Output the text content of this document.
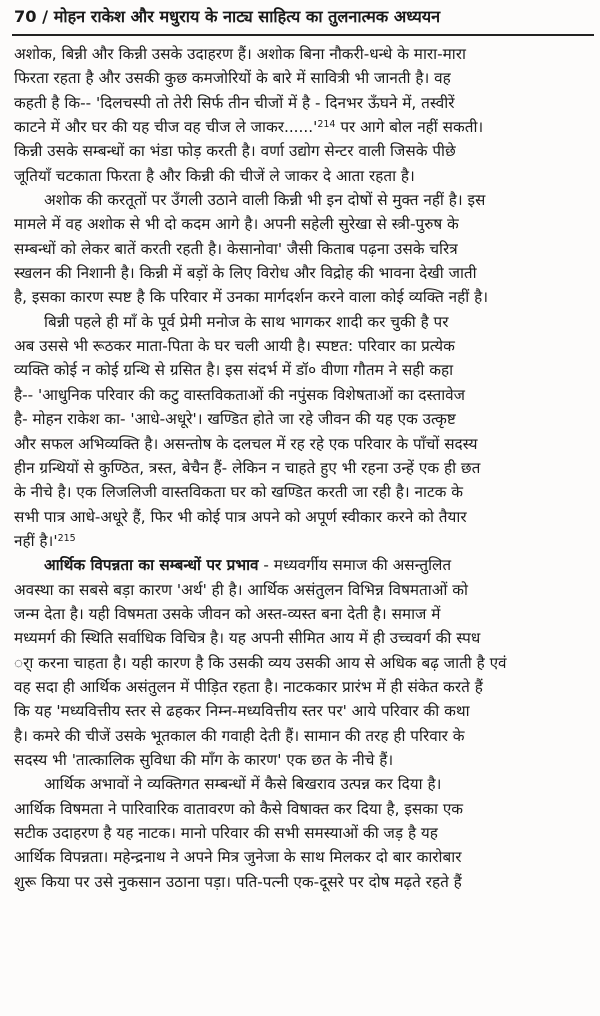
70 / मोहन राकेश और मधुराय के नाट्य साहित्य का तुलनात्मक अध्ययन
अशोक, बिन्नी और किन्नी उसके उदाहरण हैं। अशोक बिना नौकरी-धन्धे के मारा-मारा
फिरता रहता है और उसकी कुछ कमजोरियों के बारे में सावित्री भी जानती है। वह
कहती है कि-- 'दिलचस्पी तो तेरी सिर्फ तीन चीजों में है - दिनभर ऊँघने में, तस्वीरें
काटने में और घर की यह चीज वह चीज ले $जाकर......'^{214}$ पर आगे बोल नहीं सकती।
किन्नी उसके सम्बन्धों का भंडा फोड़ करती है। वर्णा उद्योग सेन्टर वाली जिसके पीछे
जूतियाँ चटकाता फिरता है और किन्नी की चीजें ले जाकर दे आता रहता है।
अशोक की करतूतों पर उँगली उठाने वाली किन्नी भी इन दोषों से मुक्त नहीं है। इस
मामले में वह अशोक से भी दो कदम आगे है। अपनी सहेली सुरेखा से स्त्री-पुरुष के
सम्बन्धों को लेकर बातें करती रहती है। केसानोवा' जैसी किताब पढ़ना उसके चरित्र
स्खलन की निशानी है। किन्नी में बड़ों के लिए विरोध और विद्रोह की भावना देखी जाती
है, इसका कारण स्पष्ट है कि परिवार में उनका मार्गदर्शन करने वाला कोई व्यक्ति नहीं है।
बिन्नी पहले ही माँ के पूर्व प्रेमी मनोज के साथ भागकर शादी कर चुकी है पर
अब उससे भी रूठकर माता-पिता के घर चली आयी है। स्पष्टत: परिवार का प्रत्येक
व्यक्ति कोई न कोई ग्रन्थि से ग्रसित है। इस संदर्भ में डॉ० वीणा गौतम ने सही कहा
है-- 'आधुनिक परिवार की कटु वास्तविकताओं की नपुंसक विशेषताओं का दस्तावेज
है- मोहन राकेश का- 'आधे-अधूरे'। खण्डित होते जा रहे जीवन की यह एक उत्कृष्ट
और सफल अभिव्यक्ति है। असन्तोष के दलचल में रह रहे एक परिवार के पाँचों सदस्य
हीन ग्रन्थियों से कुण्ठित, त्रस्त, बेचैन हैं- लेकिन न चाहते हुए भी रहना उन्हें एक ही छत
के नीचे है। एक लिजलिजी वास्तविकता घर को खण्डित करती जा रही है। नाटक के
सभी पात्र आधे-अधूरे हैं, फिर भी कोई पात्र अपने को अपूर्ण स्वीकार करने को तैयार
नहीं $है।'^{215}$
आर्थिक विपन्नता का सम्बन्धों पर प्रभाव - मध्यवर्गीय समाज की असन्तुलित
अवस्था का सबसे बड़ा कारण 'अर्थ' ही है। आर्थिक असंतुलन विभिन्न विषमताओं को
जन्म देता है। यही विषमता उसके जीवन को अस्त-व्यस्त बना देती है। समाज में
मध्यमर्ग की स्थिति सर्वाधिक विचित्र है। यह अपनी सीमित आय में ही उच्चवर्ग की स्पध
र्ा करना चाहता है। यही कारण है कि उसकी व्यय उसकी आय से अधिक बढ़ जाती है एवं
वह सदा ही आर्थिक असंतुलन में पीड़ित रहता है। नाटककार प्रारंभ में ही संकेत करते हैं
कि यह 'मध्यवित्तीय स्तर से ढहकर निम्न-मध्यवित्तीय स्तर पर' आये परिवार की कथा
है। कमरे की चीजें उसके भूतकाल की गवाही देती हैं। सामान की तरह ही परिवार के
सदस्य भी 'तात्कालिक सुविधा की माँग के कारण' एक छत के नीचे हैं।
आर्थिक अभावों ने व्यक्तिगत सम्बन्धों में कैसे बिखराव उत्पन्न कर दिया है।
आर्थिक विषमता ने पारिवारिक वातावरण को कैसे विषाक्त कर दिया है, इसका एक
सटीक उदाहरण है यह नाटक। मानो परिवार की सभी समस्याओं की जड़ है यह
आर्थिक विपन्नता। महेन्द्रनाथ ने अपने मित्र जुनेजा के साथ मिलकर दो बार कारोबार
शुरू किया पर उसे नुकसान उठाना पड़ा। पति-पत्नी एक-दूसरे पर दोष मढ़ते रहते हैं
